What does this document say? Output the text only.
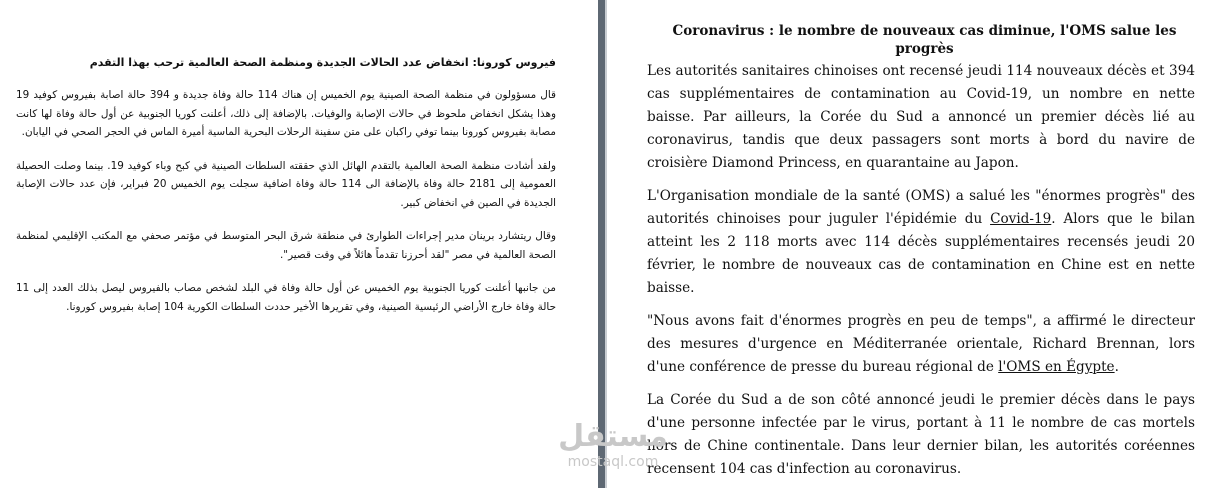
فيروس كورونا: انخفاض عدد الحالات الجديدة ومنظمة الصحة العالمية ترحب بهذا التقدم

قال مسؤولون في منظمة الصحة الصينية يوم الخميس إن هناك 114 حالة وفاة جديدة و 394 حالة اصابة بفيروس كوفيد 19 وهذا يشكل انخفاض ملحوظ في حالات الإصابة والوفيات. بالإضافة إلى ذلك، أعلنت كوريا الجنوبية عن أول حالة وفاة لها كانت مصابة بفيروس كورونا بينما توفي راكبان على متن سفينة الرحلات البحرية الماسية أميرة الماس في الحجر الصحي في اليابان.

ولقد أشادت منظمة الصحة العالمية بالتقدم الهائل الذي حققته السلطات الصينية في كبح وباء كوفيد 19. بينما وصلت الحصيلة العمومية إلى 2181 حالة وفاة بالإضافة الى 114 حالة وفاة اضافية سجلت يوم الخميس 20 فبراير، فإن عدد حالات الإصابة الجديدة في الصين في انخفاض كبير.

وقال ريتشارد برينان مدير إجراءات الطوارئ في منطقة شرق البحر المتوسط في مؤتمر صحفي مع المكتب الإقليمي لمنظمة الصحة العالمية في مصر "لقد أحرزنا تقدماً هائلاً في وقت قصير".

من جانبها أعلنت كوريا الجنوبية يوم الخميس عن أول حالة وفاة في البلد لشخص مصاب بالفيروس ليصل بذلك العدد إلى 11 حالة وفاة خارج الأراضي الرئيسية الصينية، وفي تقريرها الأخير حددت السلطات الكورية 104 إصابة بفيروس كورونا.

Coronavirus : le nombre de nouveaux cas diminue, l'OMS salue les progrès

Les autorités sanitaires chinoises ont recensé jeudi 114 nouveaux décès et 394 cas supplémentaires de contamination au Covid-19, un nombre en nette baisse. Par ailleurs, la Corée du Sud a annoncé un premier décès lié au coronavirus, tandis que deux passagers sont morts à bord du navire de croisière Diamond Princess, en quarantaine au Japon.

L'Organisation mondiale de la santé (OMS) a salué les "énormes progrès" des autorités chinoises pour juguler l'épidémie du Covid-19. Alors que le bilan atteint les 2 118 morts avec 114 décès supplémentaires recensés jeudi 20 février, le nombre de nouveaux cas de contamination en Chine est en nette baisse.

"Nous avons fait d'énormes progrès en peu de temps", a affirmé le directeur des mesures d'urgence en Méditerranée orientale, Richard Brennan, lors d'une conférence de presse du bureau régional de l'OMS en Égypte.

La Corée du Sud a de son côté annoncé jeudi le premier décès dans le pays d'une personne infectée par le virus, portant à 11 le nombre de cas mortels hors de Chine continentale. Dans leur dernier bilan, les autorités coréennes recensent 104 cas d'infection au coronavirus.

مستقل
mostaql.com
